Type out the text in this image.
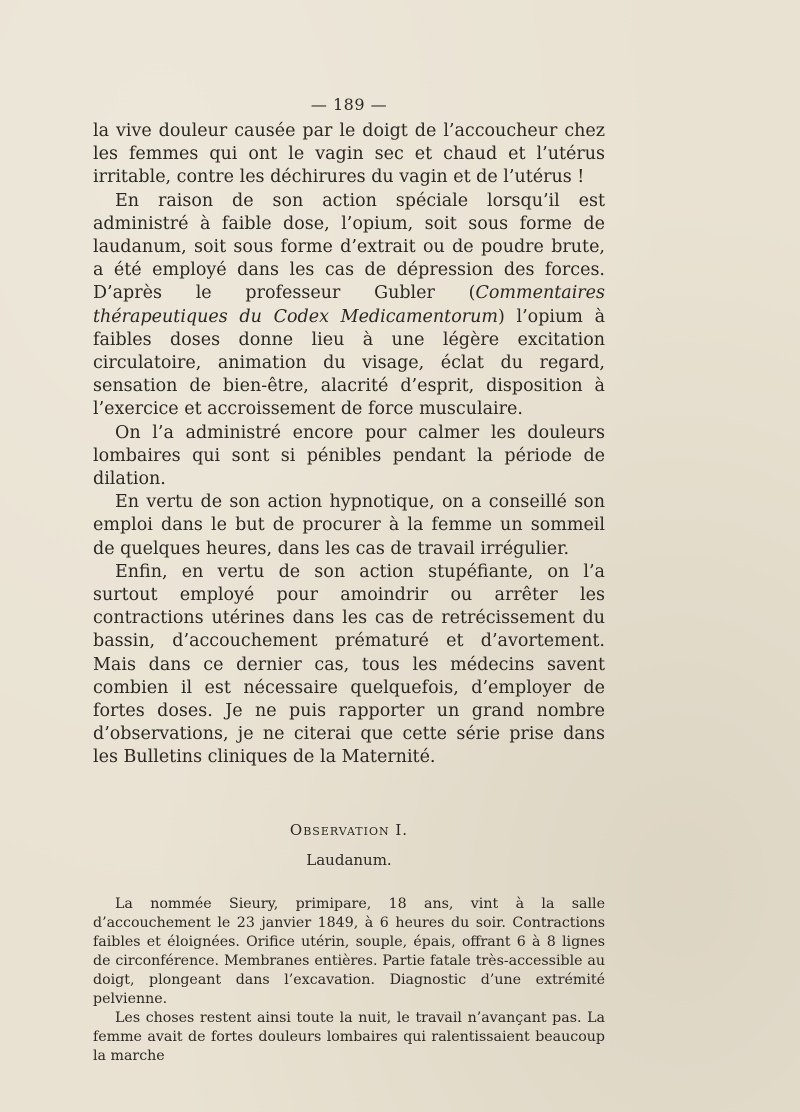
— 189 —

la vive douleur causée par le doigt de l’accoucheur chez les femmes qui ont le vagin sec et chaud et l’utérus irritable, contre les déchirures du vagin et de l’utérus !

En raison de son action spéciale lorsqu’il est administré à faible dose, l’opium, soit sous forme de laudanum, soit sous forme d’extrait ou de poudre brute, a été employé dans les cas de dépression des forces. D’après le professeur Gubler (Commentaires thérapeutiques du Codex Medicamentorum) l’opium à faibles doses donne lieu à une légère excitation circulatoire, animation du visage, éclat du regard, sensation de bien-être, alacrité d’esprit, disposition à l’exercice et accroissement de force musculaire.

On l’a administré encore pour calmer les douleurs lombaires qui sont si pénibles pendant la période de dilation.

En vertu de son action hypnotique, on a conseillé son emploi dans le but de procurer à la femme un sommeil de quelques heures, dans les cas de travail irrégulier.

Enfin, en vertu de son action stupéfiante, on l’a surtout employé pour amoindrir ou arrêter les contractions utérines dans les cas de retrécissement du bassin, d’accouchement prématuré et d’avortement. Mais dans ce dernier cas, tous les médecins savent combien il est nécessaire quelquefois, d’employer de fortes doses. Je ne puis rapporter un grand nombre d’observations, je ne citerai que cette série prise dans les Bulletins cliniques de la Maternité.

Observation I.
Laudanum.

La nommée Sieury, primipare, 18 ans, vint à la salle d’accouchement le 23 janvier 1849, à 6 heures du soir. Contractions faibles et éloignées. Orifice utérin, souple, épais, offrant 6 à 8 lignes de circonférence. Membranes entières. Partie fatale très-accessible au doigt, plongeant dans l’excavation. Diagnostic d’une extrémité pelvienne.

Les choses restent ainsi toute la nuit, le travail n’avançant pas. La femme avait de fortes douleurs lombaires qui ralentissaient beaucoup la marche
